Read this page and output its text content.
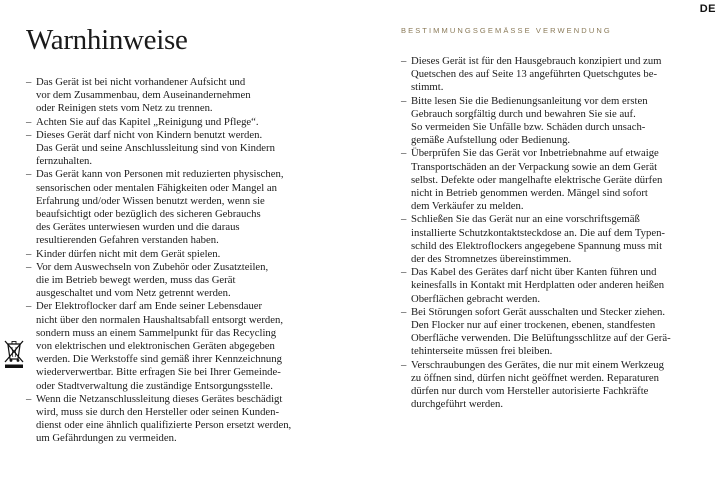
DE
Warnhinweise	BESTIMMUNGSGEMÄSSE VERWENDUNG
– Das Gerät ist bei nicht vorhandener Aufsicht und
vor dem Zusammenbau, dem Auseinandernehmen
oder Reinigen stets vom Netz zu trennen.
– Achten Sie auf das Kapitel „Reinigung und Pflege“.
– Dieses Gerät darf nicht von Kindern benutzt werden.
Das Gerät und seine Anschlussleitung sind von Kindern
fernzuhalten.
– Das Gerät kann von Personen mit reduzierten physischen,
sensorischen oder mentalen Fähigkeiten oder Mangel an
Erfahrung und/oder Wissen benutzt werden, wenn sie
beaufsichtigt oder bezüglich des sicheren Gebrauchs
des Gerätes unterwiesen wurden und die daraus
resultierenden Gefahren verstanden haben.
– Kinder dürfen nicht mit dem Gerät spielen.
– Vor dem Auswechseln von Zubehör oder Zusatzteilen,
die im Betrieb bewegt werden, muss das Gerät
ausgeschaltet und vom Netz getrennt werden.
– Der Elektroflocker darf am Ende seiner Lebensdauer
nicht über den normalen Haushaltsabfall entsorgt werden,
sondern muss an einem Sammelpunkt für das Recycling
von elektrischen und elektronischen Geräten abgegeben
werden. Die Werkstoffe sind gemäß ihrer Kennzeichnung
wiederverwertbar. Bitte erfragen Sie bei Ihrer Gemeinde-
oder Stadtverwaltung die zuständige Entsorgungsstelle.
– Wenn die Netzanschlussleitung dieses Gerätes beschädigt
wird, muss sie durch den Hersteller oder seinen Kunden-
dienst oder eine ähnlich qualifizierte Person ersetzt werden,
um Gefährdungen zu vermeiden.
– Dieses Gerät ist für den Hausgebrauch konzipiert und zum
Quetschen des auf Seite 13 angeführten Quetschgutes be-
stimmt.
– Bitte lesen Sie die Bedienungsanleitung vor dem ersten
Gebrauch sorgfältig durch und bewahren Sie sie auf.
So vermeiden Sie Unfälle bzw. Schäden durch unsach-
gemäße Aufstellung oder Bedienung.
– Überprüfen Sie das Gerät vor Inbetriebnahme auf etwaige
Transportschäden an der Verpackung sowie an dem Gerät
selbst. Defekte oder mangelhafte elektrische Geräte dürfen
nicht in Betrieb genommen werden. Mängel sind sofort
dem Verkäufer zu melden.
– Schließen Sie das Gerät nur an eine vorschriftsgemäß
installierte Schutzkontaktsteckdose an. Die auf dem Typen-
schild des Elektroflockers angegebene Spannung muss mit
der des Stromnetzes übereinstimmen.
– Das Kabel des Gerätes darf nicht über Kanten führen und
keinesfalls in Kontakt mit Herdplatten oder anderen heißen
Oberflächen gebracht werden.
– Bei Störungen sofort Gerät ausschalten und Stecker ziehen.
Den Flocker nur auf einer trockenen, ebenen, standfesten
Oberfläche verwenden. Die Belüftungsschlitze auf der Gerä-
tehinterseite müssen frei bleiben.
– Verschraubungen des Gerätes, die nur mit einem Werkzeug
zu öffnen sind, dürfen nicht geöffnet werden. Reparaturen
dürfen nur durch vom Hersteller autorisierte Fachkräfte
durchgeführt werden.
